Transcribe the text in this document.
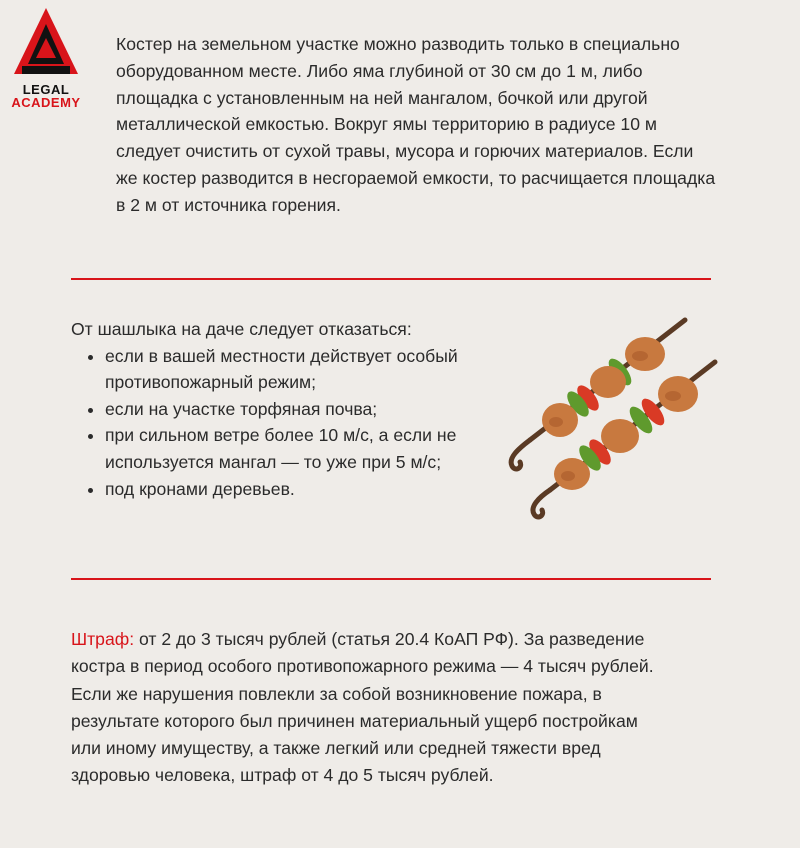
LEGAL
ACADEMY

Костер на земельном участке можно разводить только в специально оборудованном месте. Либо яма глубиной от 30 см до 1 м, либо площадка с установленным на ней мангалом, бочкой или другой металлической емкостью. Вокруг ямы территорию в радиусе 10 м следует очистить от сухой травы, мусора и горючих материалов. Если же костер разводится в несгораемой емкости, то расчищается площадка в 2 м от источника горения.

От шашлыка на даче следует отказаться:

• если в вашей местности действует особый противопожарный режим;
• если на участке торфяная почва;
• при сильном ветре более 10 м/с, а если не используется мангал — то уже при 5 м/с;
• под кронами деревьев.

Штраф: от 2 до 3 тысяч рублей (статья 20.4 КоАП РФ). За разведение костра в период особого противопожарного режима — 4 тысяч рублей. Если же нарушения повлекли за собой возникновение пожара, в результате которого был причинен материальный ущерб постройкам или иному имуществу, а также легкий или средней тяжести вред здоровью человека, штраф от 4 до 5 тысяч рублей.
